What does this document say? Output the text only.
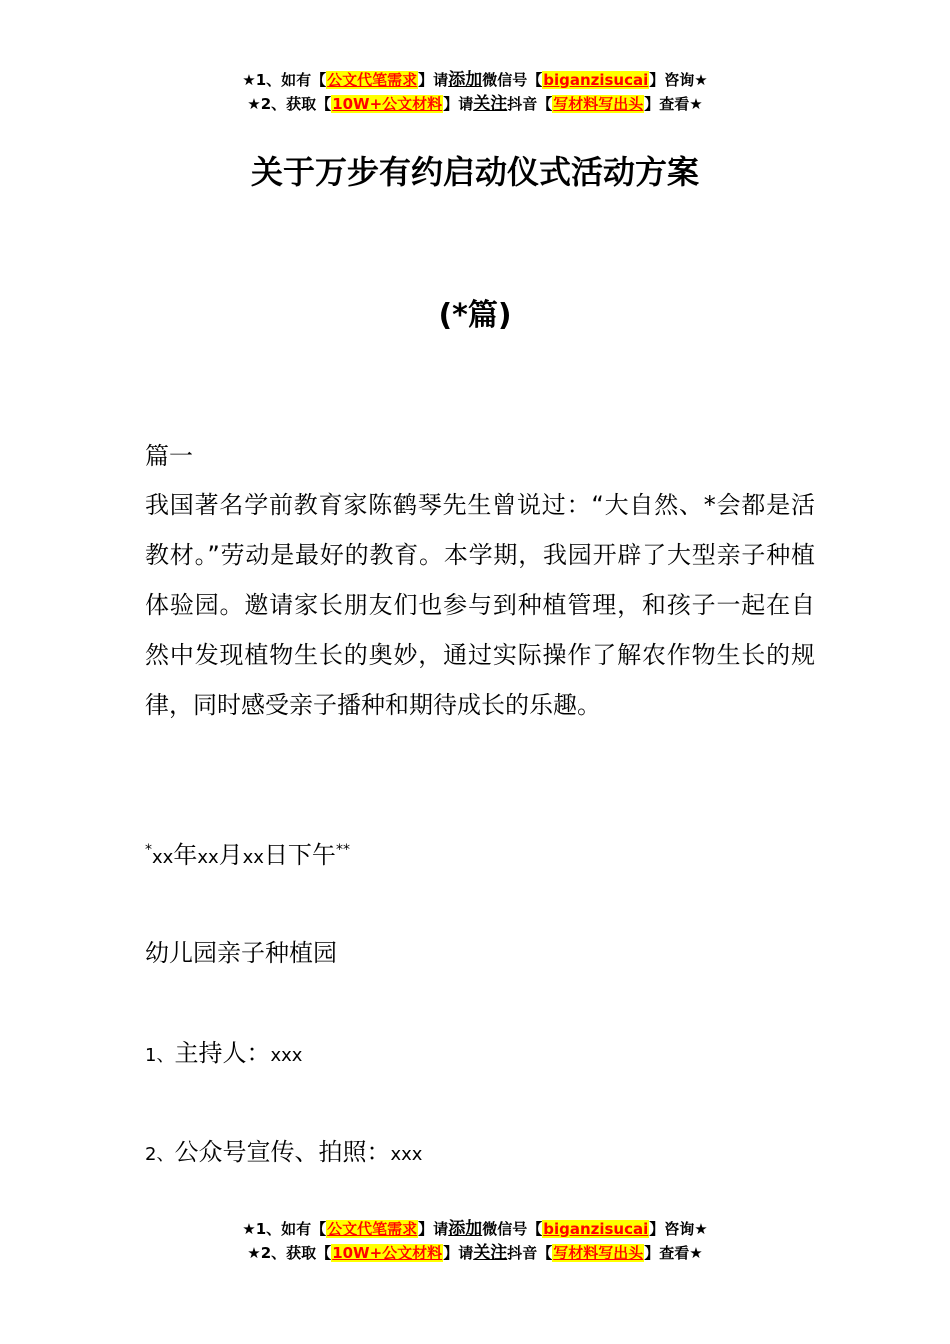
★1、如有【公文代笔需求】请添加微信号【biganzisucai】咨询★
★2、获取【10W+公文材料】请关注抖音【写材料写出头】查看★
关于万步有约启动仪式活动方案
(*篇)
篇一
我国著名学前教育家陈鹤琴先生曾说过：“大自然、*会都是活教材。”劳动是最好的教育。本学期，我园开辟了大型亲子种植体验园。邀请家长朋友们也参与到种植管理，和孩子一起在自然中发现植物生长的奥妙，通过实际操作了解农作物生长的规律，同时感受亲子播种和期待成长的乐趣。
*xx年xx月xx日下午**
幼儿园亲子种植园
1、主持人：xxx
2、公众号宣传、拍照：xxx
★1、如有【公文代笔需求】请添加微信号【biganzisucai】咨询★
★2、获取【10W+公文材料】请关注抖音【写材料写出头】查看★
